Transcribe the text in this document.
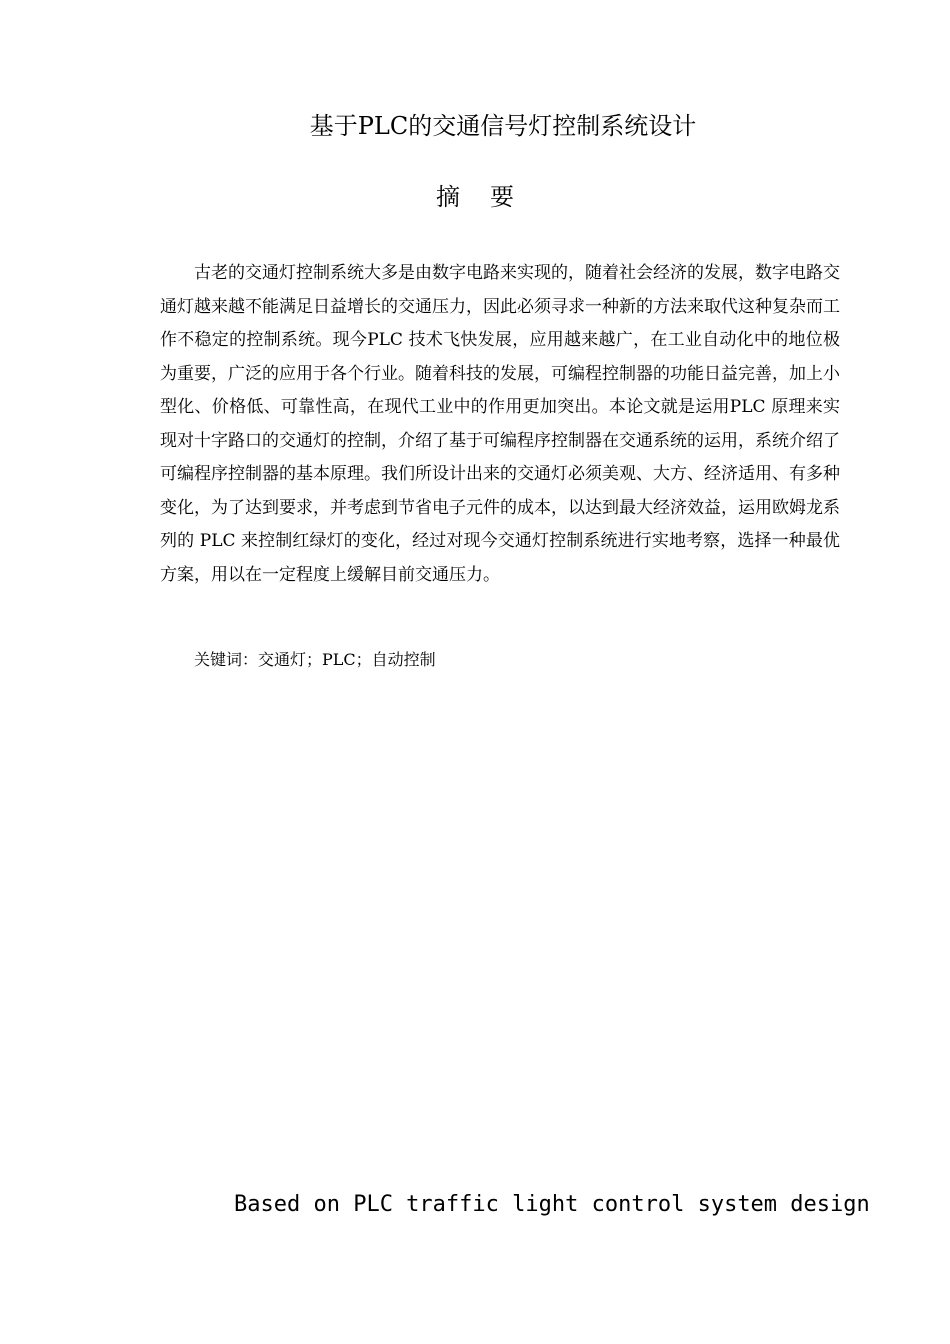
基于PLC的交通信号灯控制系统设计
摘要

古老的交通灯控制系统大多是由数字电路来实现的，随着社会经济的发展，数字电路交通灯越来越不能满足日益增长的交通压力，因此必须寻求一种新的方法来取代这种复杂而工作不稳定的控制系统。现今PLC 技术飞快发展，应用越来越广，在工业自动化中的地位极为重要，广泛的应用于各个行业。随着科技的发展，可编程控制器的功能日益完善，加上小型化、价格低、可靠性高，在现代工业中的作用更加突出。本论文就是运用PLC 原理来实现对十字路口的交通灯的控制，介绍了基于可编程序控制器在交通系统的运用，系统介绍了可编程序控制器的基本原理。我们所设计出来的交通灯必须美观、大方、经济适用、有多种变化，为了达到要求，并考虑到节省电子元件的成本，以达到最大经济效益，运用欧姆龙系列的 PLC 来控制红绿灯的变化，经过对现今交通灯控制系统进行实地考察，选择一种最优方案，用以在一定程度上缓解目前交通压力。

关键词：交通灯；PLC；自动控制

Based on PLC traffic light control system design
